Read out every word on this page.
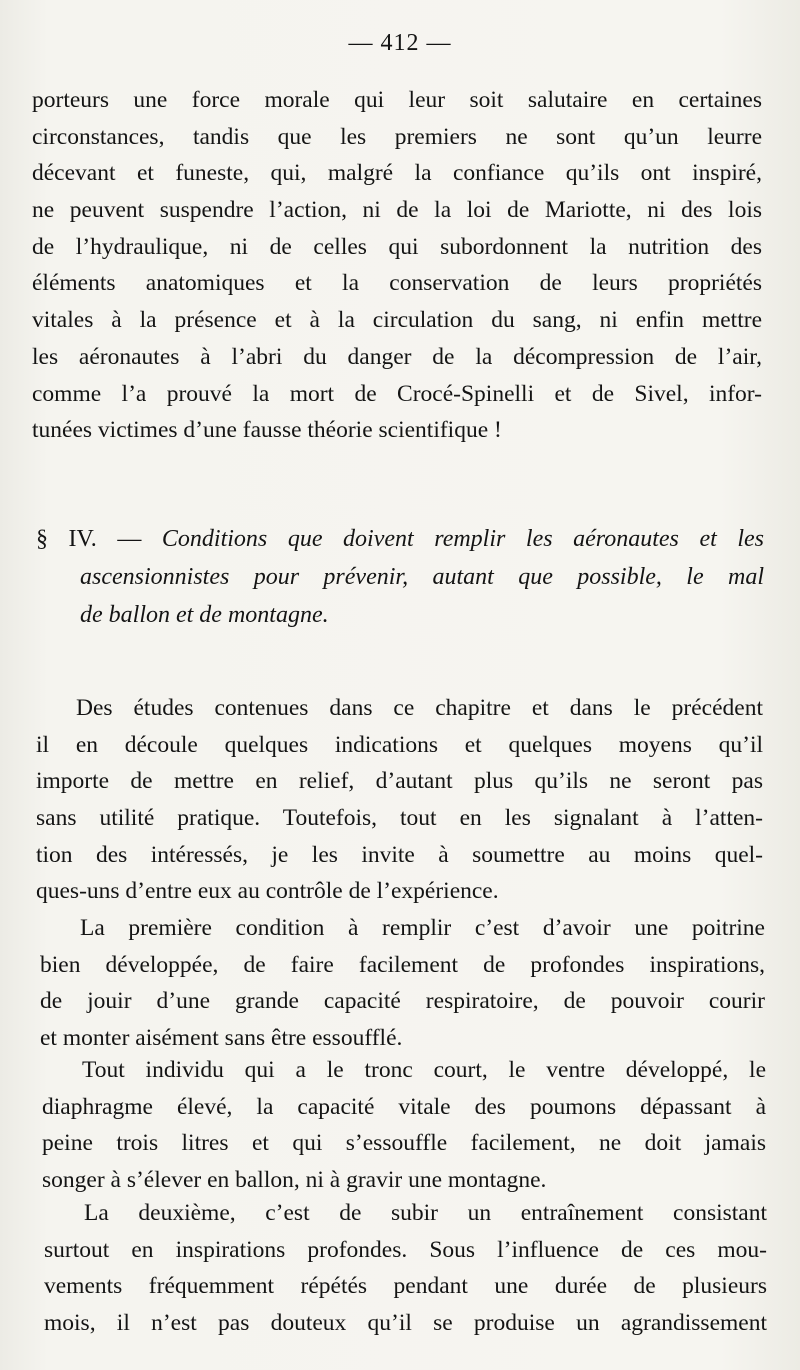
— 412 —
porteurs une force morale qui leur soit salutaire en certaines
circonstances, tandis que les premiers ne sont qu’un leurre
décevant et funeste, qui, malgré la confiance qu’ils ont inspiré,
ne peuvent suspendre l’action, ni de la loi de Mariotte, ni des lois
de l’hydraulique, ni de celles qui subordonnent la nutrition des
éléments anatomiques et la conservation de leurs propriétés
vitales à la présence et à la circulation du sang, ni enfin mettre
les aéronautes à l’abri du danger de la décompression de l’air,
comme l’a prouvé la mort de Crocé-Spinelli et de Sivel, infor-
tunées victimes d’une fausse théorie scientifique !
§ IV. — Conditions que doivent remplir les aéronautes et les
ascensionnistes pour prévenir, autant que possible, le mal
de ballon et de montagne.
Des études contenues dans ce chapitre et dans le précédent
il en découle quelques indications et quelques moyens qu’il
importe de mettre en relief, d’autant plus qu’ils ne seront pas
sans utilité pratique. Toutefois, tout en les signalant à l’atten-
tion des intéressés, je les invite à soumettre au moins quel-
ques-uns d’entre eux au contrôle de l’expérience.
La première condition à remplir c’est d’avoir une poitrine
bien développée, de faire facilement de profondes inspirations,
de jouir d’une grande capacité respiratoire, de pouvoir courir
et monter aisément sans être essoufflé.
Tout individu qui a le tronc court, le ventre développé, le
diaphragme élevé, la capacité vitale des poumons dépassant à
peine trois litres et qui s’essouffle facilement, ne doit jamais
songer à s’élever en ballon, ni à gravir une montagne.
La deuxième, c’est de subir un entraînement consistant
surtout en inspirations profondes. Sous l’influence de ces mou-
vements fréquemment répétés pendant une durée de plusieurs
mois, il n’est pas douteux qu’il se produise un agrandissement
